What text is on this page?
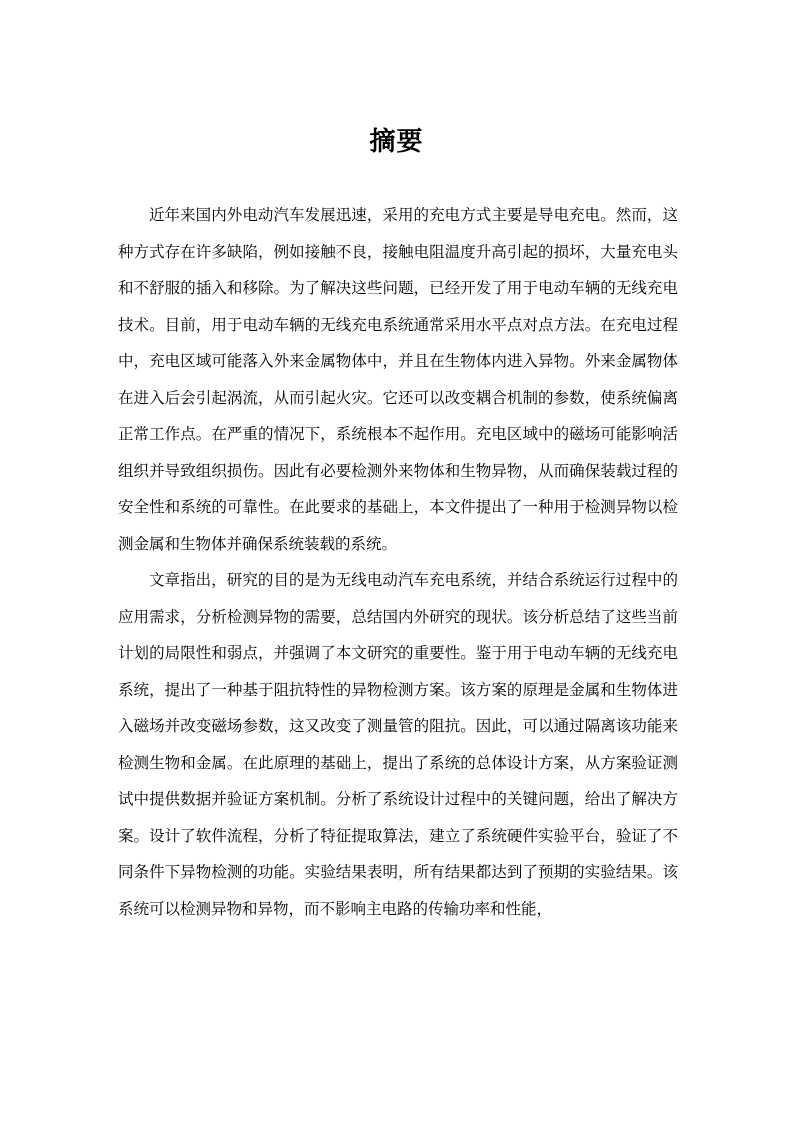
摘要

近年来国内外电动汽车发展迅速，采用的充电方式主要是导电充电。然而，这种方式存在许多缺陷，例如接触不良，接触电阻温度升高引起的损坏，大量充电头和不舒服的插入和移除。为了解决这些问题，已经开发了用于电动车辆的无线充电技术。目前，用于电动车辆的无线充电系统通常采用水平点对点方法。在充电过程中，充电区域可能落入外来金属物体中，并且在生物体内进入异物。外来金属物体在进入后会引起涡流，从而引起火灾。它还可以改变耦合机制的参数，使系统偏离正常工作点。在严重的情况下，系统根本不起作用。充电区域中的磁场可能影响活组织并导致组织损伤。因此有必要检测外来物体和生物异物，从而确保装载过程的安全性和系统的可靠性。在此要求的基础上，本文件提出了一种用于检测异物以检测金属和生物体并确保系统装载的系统。

文章指出，研究的目的是为无线电动汽车充电系统，并结合系统运行过程中的应用需求，分析检测异物的需要，总结国内外研究的现状。该分析总结了这些当前计划的局限性和弱点，并强调了本文研究的重要性。鉴于用于电动车辆的无线充电系统，提出了一种基于阻抗特性的异物检测方案。该方案的原理是金属和生物体进入磁场并改变磁场参数，这又改变了测量管的阻抗。因此，可以通过隔离该功能来检测生物和金属。在此原理的基础上，提出了系统的总体设计方案，从方案验证测试中提供数据并验证方案机制。分析了系统设计过程中的关键问题，给出了解决方案。设计了软件流程，分析了特征提取算法，建立了系统硬件实验平台，验证了不同条件下异物检测的功能。实验结果表明，所有结果都达到了预期的实验结果。该系统可以检测异物和异物，而不影响主电路的传输功率和性能，
